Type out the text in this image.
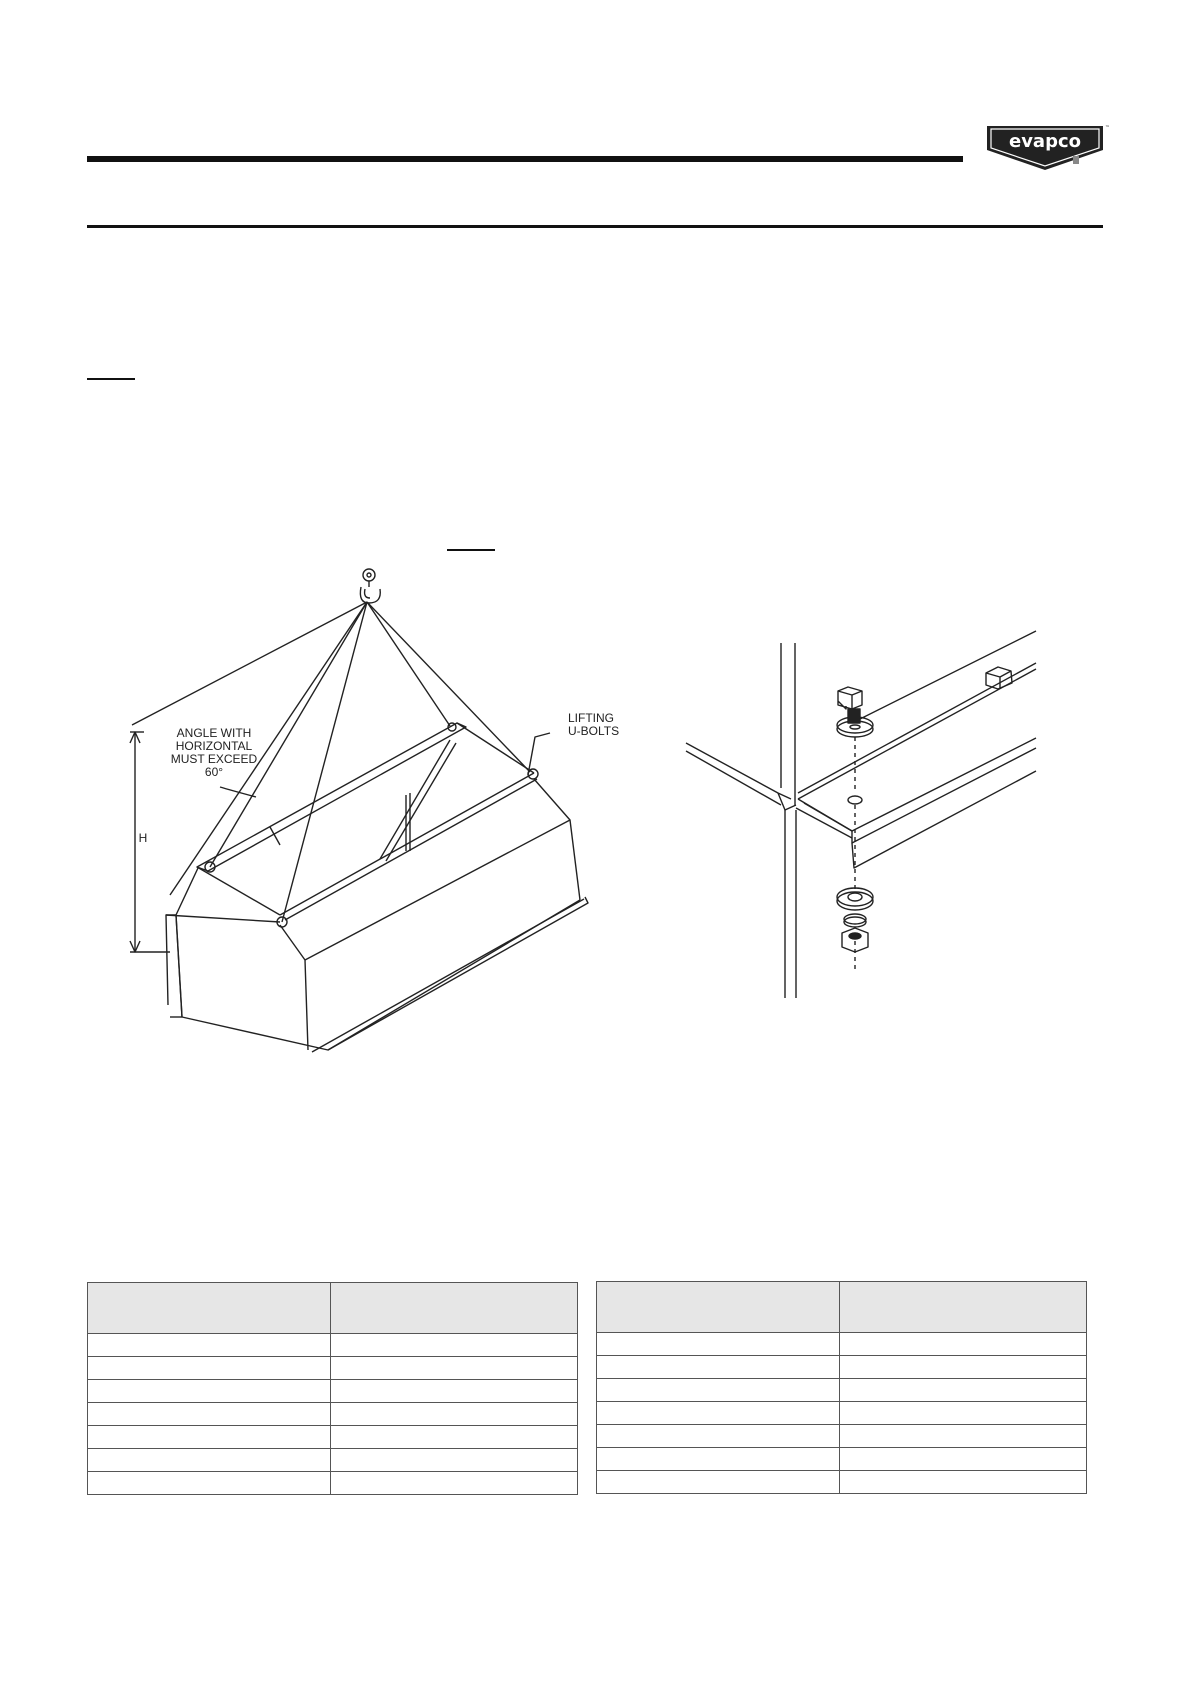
evapco
™
ANGLE WITH
HORIZONTAL
MUST EXCEED
60°
LIFTING
U-BOLTS
H
